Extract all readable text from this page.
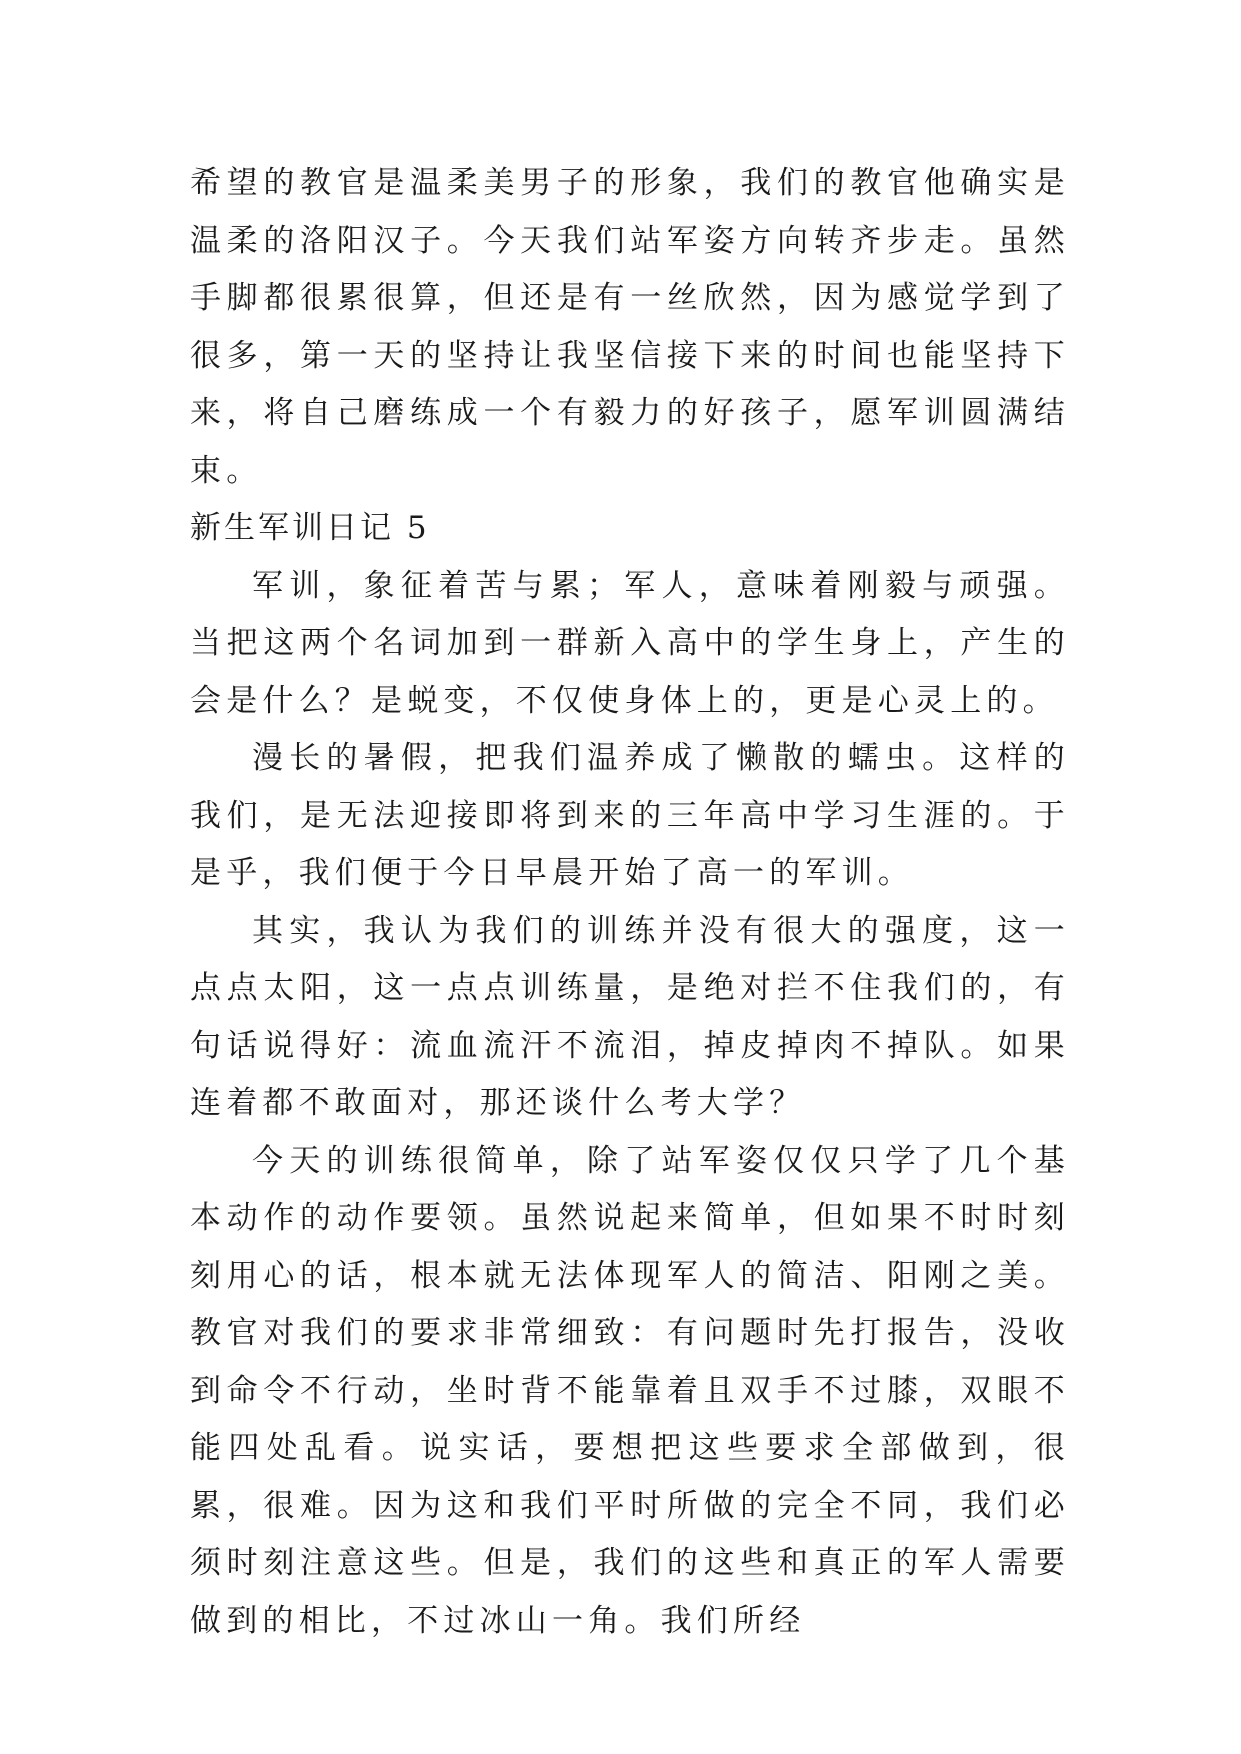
希望的教官是温柔美男子的形象，我们的教官他确实是温柔的洛阳汉子。今天我们站军姿方向转齐步走。虽然手脚都很累很算，但还是有一丝欣然，因为感觉学到了很多，第一天的坚持让我坚信接下来的时间也能坚持下来，将自己磨练成一个有毅力的好孩子，愿军训圆满结束。

新生军训日记 5

军训，象征着苦与累；军人，意味着刚毅与顽强。当把这两个名词加到一群新入高中的学生身上，产生的会是什么？是蜕变，不仅使身体上的，更是心灵上的。

漫长的暑假，把我们温养成了懒散的蠕虫。这样的我们，是无法迎接即将到来的三年高中学习生涯的。于是乎，我们便于今日早晨开始了高一的军训。

其实，我认为我们的训练并没有很大的强度，这一点点太阳，这一点点训练量，是绝对拦不住我们的，有句话说得好：流血流汗不流泪，掉皮掉肉不掉队。如果连着都不敢面对，那还谈什么考大学？

今天的训练很简单，除了站军姿仅仅只学了几个基本动作的动作要领。虽然说起来简单，但如果不时时刻刻用心的话，根本就无法体现军人的简洁、阳刚之美。教官对我们的要求非常细致：有问题时先打报告，没收到命令不行动，坐时背不能靠着且双手不过膝，双眼不能四处乱看。说实话，要想把这些要求全部做到，很累，很难。因为这和我们平时所做的完全不同，我们必须时刻注意这些。但是，我们的这些和真正的军人需要做到的相比，不过冰山一角。我们所经
